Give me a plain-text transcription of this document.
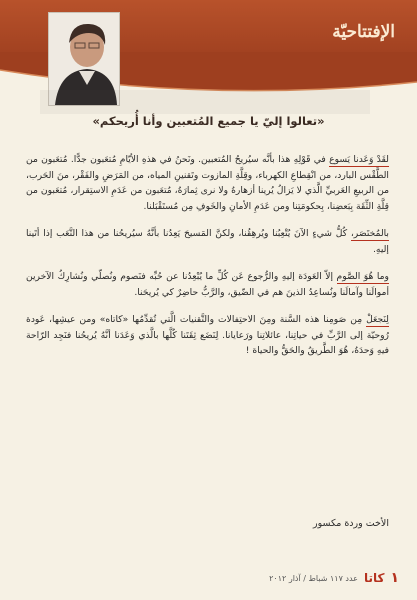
الإفتتاحيّة
«تعالوا إليّ يا جميع المُتعبين وأنا أُريحكم»

لقَدْ وَعَدنا يَسوع في قَوْلِهِ هذا بأنَّه سيُريحُ المُتعبين. ونَحنُ في هذهِ الأيّامِ مُتعَبون جدًّا. مُتعَبون من الطَّقْس البارد، من انْقِطاعِ الكهرباء، وقِلَّةِ المازوت وتَقنينِ المياه، من المَرَضِ والفَقْر، منَ الحَرب، من الربيعِ العَربيِّ الَّذي لا يَزالُ يُرينا أزهارهُ ولا نرى ثِمارَهُ، مُتعَبون من عَدَمِ الاستِقرار، مُتعَبون من قِلَّةِ الثِّقَة بِبَعضِنا، بِحكومَتِنا ومن عَدَمِ الأمانِ والخَوفِ مِن مُستَقْبَلنا.

بالمُختَصَر، كُلُّ شيءٍ الآنَ يُتْعِبُنا ويُرهِقُنا، ولكنَّ المَسيحَ يَعِدُنا بأنَّهُ سيُريحُنا من هذا التَّعَب إذا أتَينا إليهِ.

وما هُوَ الصَّوم إلاّ العَودَة إليهِ والرُّجوع عَن كُلِّ ما يُبْعِدُنا عن حُبِّه فنَصوم ونُصلّي ونُشارِكُ الآخرين أموالَنا وآمالَنا ونُساعِدُ الذينَ هم في الضّيق، والرَّبُّ حاضِرٌ كي يُريحَنا.

لِنَجعَلْ مِن صَومِنا هذه السَّنة ومِنَ الاحتِفالات والتَّقنيات الَّتي تُقدِّمُها «كاتاه» ومن عيشِها، عَودة رُوحيّة إلى الرَّبِّ في حياتِنا، عائلاتِنا ورَعايانا. لِنَضَع ثِقَتَنا كُلَّها بالَّذي وَعَدَنا أنَّهُ يُريحُنا فنَجِد الرّاحة فيهِ وَحدَهُ، هُوَ الطَّريقُ والحَقُّ والحياة !

الأخت وردة مكسور
١
كاتا
عدد ١١٧ شباط / آذار ٢٠١٢
